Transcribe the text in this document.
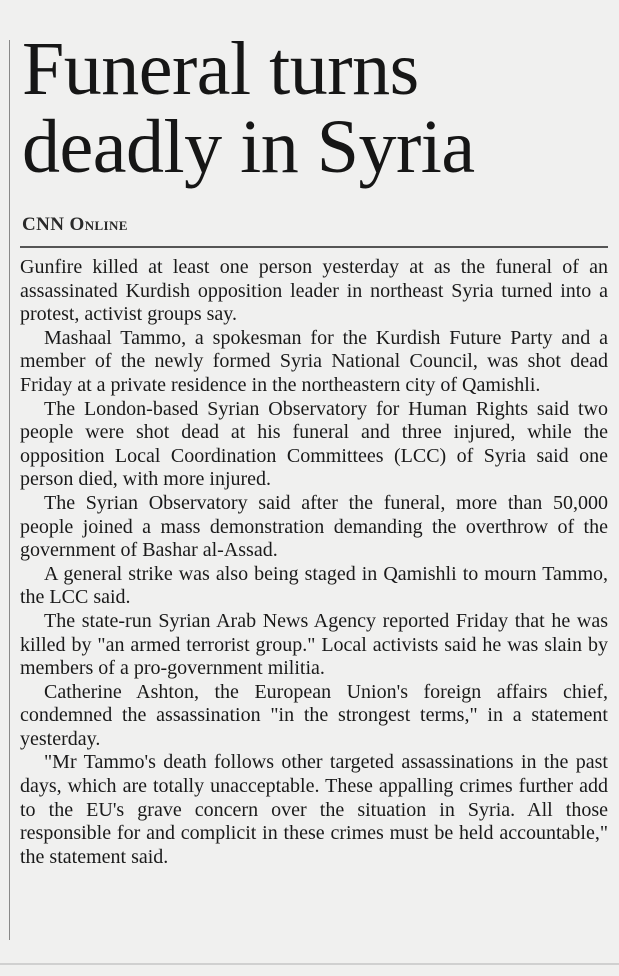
Funeral turns deadly in Syria
CNN Online

Gunfire killed at least one person yesterday at as the funeral of an assassinated Kurdish opposition leader in northeast Syria turned into a protest, activist groups say.

Mashaal Tammo, a spokesman for the Kurdish Future Party and a member of the newly formed Syria National Council, was shot dead Friday at a private residence in the northeastern city of Qamishli.

The London-based Syrian Observatory for Human Rights said two people were shot dead at his funeral and three injured, while the opposition Local Coordination Committees (LCC) of Syria said one person died, with more injured.

The Syrian Observatory said after the funeral, more than 50,000 people joined a mass demonstration demanding the overthrow of the government of Bashar al-Assad.

A general strike was also being staged in Qamishli to mourn Tammo, the LCC said.

The state-run Syrian Arab News Agency reported Friday that he was killed by "an armed terrorist group." Local activists said he was slain by members of a pro-government militia.

Catherine Ashton, the European Union's foreign affairs chief, condemned the assassination "in the strongest terms," in a statement yesterday.

"Mr Tammo's death follows other targeted assassinations in the past days, which are totally unacceptable. These appalling crimes further add to the EU's grave concern over the situation in Syria. All those responsible for and complicit in these crimes must be held accountable," the statement said.
